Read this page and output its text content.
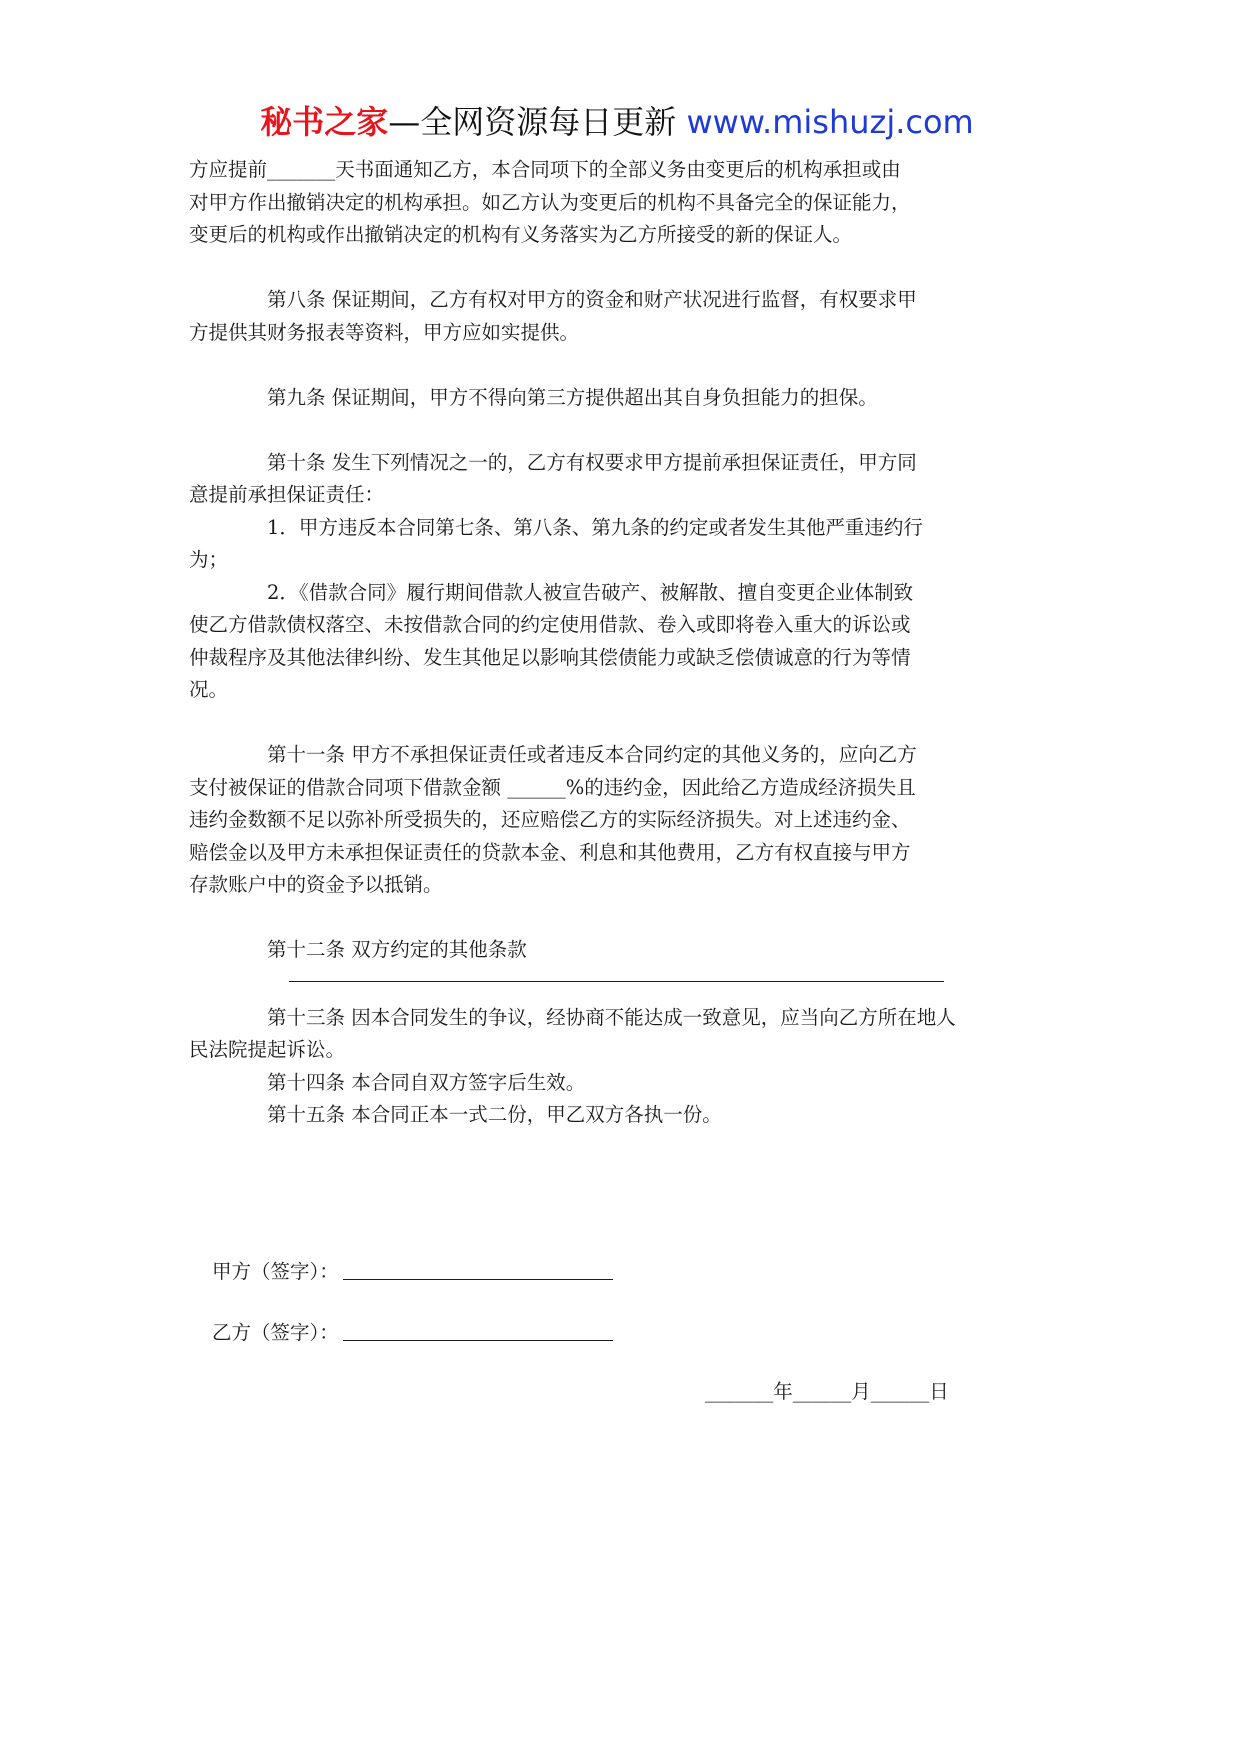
秘书之家—全网资源每日更新 www.mishuzj.com
方应提前_______天书面通知乙方，本合同项下的全部义务由变更后的机构承担或由
对甲方作出撤销决定的机构承担。如乙方认为变更后的机构不具备完全的保证能力，
变更后的机构或作出撤销决定的机构有义务落实为乙方所接受的新的保证人。
第八条 保证期间，乙方有权对甲方的资金和财产状况进行监督，有权要求甲
方提供其财务报表等资料，甲方应如实提供。
第九条 保证期间，甲方不得向第三方提供超出其自身负担能力的担保。
第十条 发生下列情况之一的，乙方有权要求甲方提前承担保证责任，甲方同
意提前承担保证责任：
1．甲方违反本合同第七条、第八条、第九条的约定或者发生其他严重违约行
为；
2．《借款合同》履行期间借款人被宣告破产、被解散、擅自变更企业体制致
使乙方借款债权落空、未按借款合同的约定使用借款、卷入或即将卷入重大的诉讼或
仲裁程序及其他法律纠纷、发生其他足以影响其偿债能力或缺乏偿债诚意的行为等情
况。
第十一条 甲方不承担保证责任或者违反本合同约定的其他义务的，应向乙方
支付被保证的借款合同项下借款金额 ______%的违约金，因此给乙方造成经济损失且
违约金数额不足以弥补所受损失的，还应赔偿乙方的实际经济损失。对上述违约金、
赔偿金以及甲方未承担保证责任的贷款本金、利息和其他费用，乙方有权直接与甲方
存款账户中的资金予以抵销。
第十二条 双方约定的其他条款
第十三条 因本合同发生的争议，经协商不能达成一致意见，应当向乙方所在地人
民法院提起诉讼。
第十四条 本合同自双方签字后生效。
第十五条 本合同正本一式二份，甲乙双方各执一份。
甲方（签字）：
乙方（签字）：
_______年______月______日
